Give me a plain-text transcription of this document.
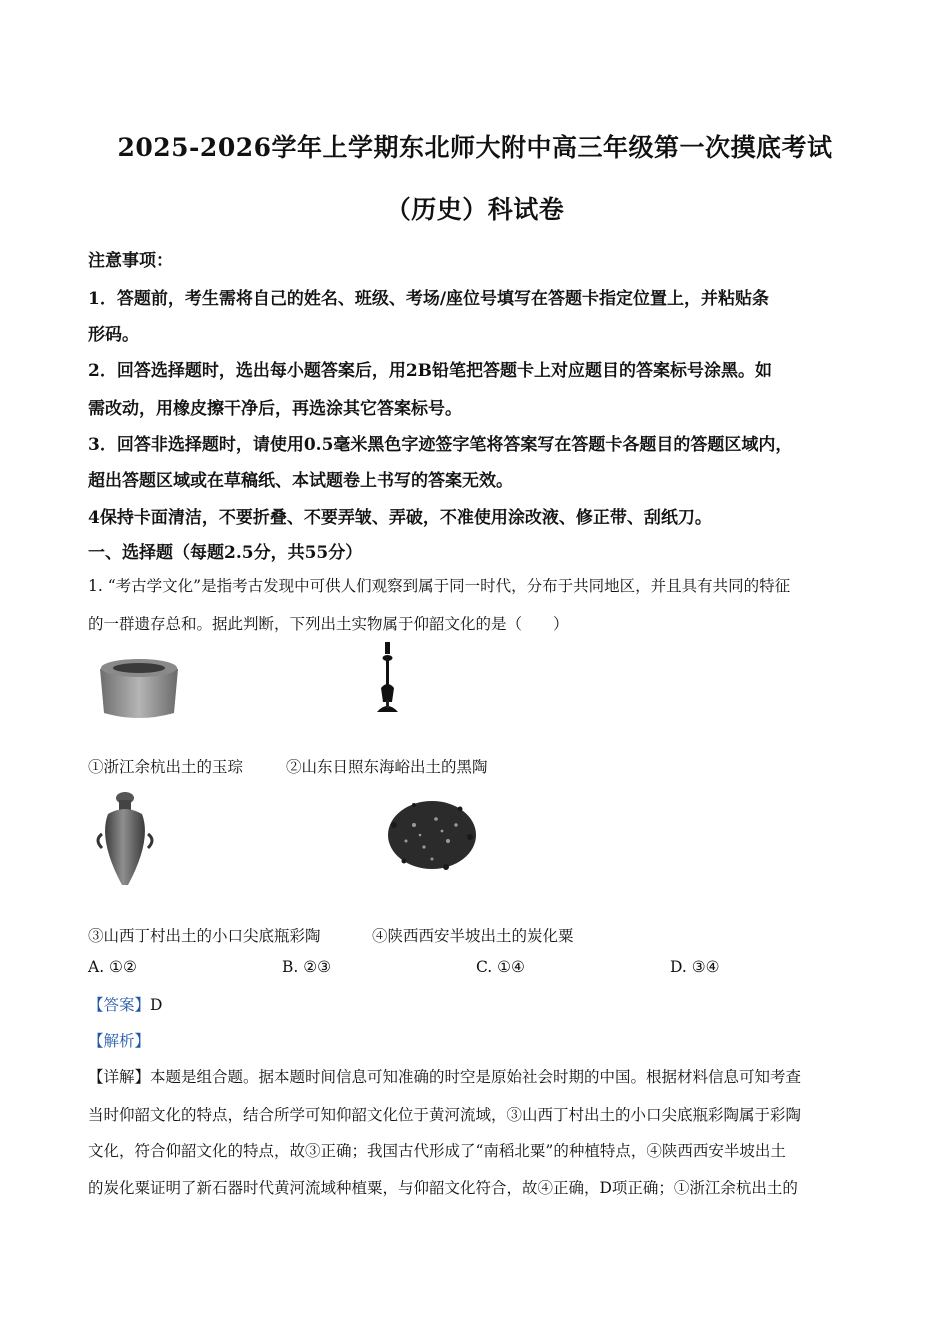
2025-2026学年上学期东北师大附中高三年级第一次摸底考试
（历史）科试卷
注意事项：
1．答题前，考生需将自己的姓名、班级、考场/座位号填写在答题卡指定位置上，并粘贴条
形码。
2．回答选择题时，选出每小题答案后，用2B铅笔把答题卡上对应题目的答案标号涂黑。如
需改动，用橡皮擦干净后，再选涂其它答案标号。
3．回答非选择题时，请使用0.5毫米黑色字迹签字笔将答案写在答题卡各题目的答题区域内，
超出答题区域或在草稿纸、本试题卷上书写的答案无效。
4保持卡面清洁，不要折叠、不要弄皱、弄破，不准使用涂改液、修正带、刮纸刀。
一、选择题（每题2.5分，共55分）
1. “考古学文化”是指考古发现中可供人们观察到属于同一时代，分布于共同地区，并且具有共同的特征
的一群遗存总和。据此判断，下列出土实物属于仰韶文化的是（　　）
①浙江余杭出土的玉琮	②山东日照东海峪出土的黑陶
③山西丁村出土的小口尖底瓶彩陶	④陕西西安半坡出土的炭化粟
A. ①②	B. ②③	C. ①④	D. ③④
【答案】D
【解析】
【详解】本题是组合题。据本题时间信息可知准确的时空是原始社会时期的中国。根据材料信息可知考查
当时仰韶文化的特点，结合所学可知仰韶文化位于黄河流域，③山西丁村出土的小口尖底瓶彩陶属于彩陶
文化，符合仰韶文化的特点，故③正确；我国古代形成了“南稻北粟”的种植特点，④陕西西安半坡出土
的炭化粟证明了新石器时代黄河流域种植粟，与仰韶文化符合，故④正确，D项正确；①浙江余杭出土的
